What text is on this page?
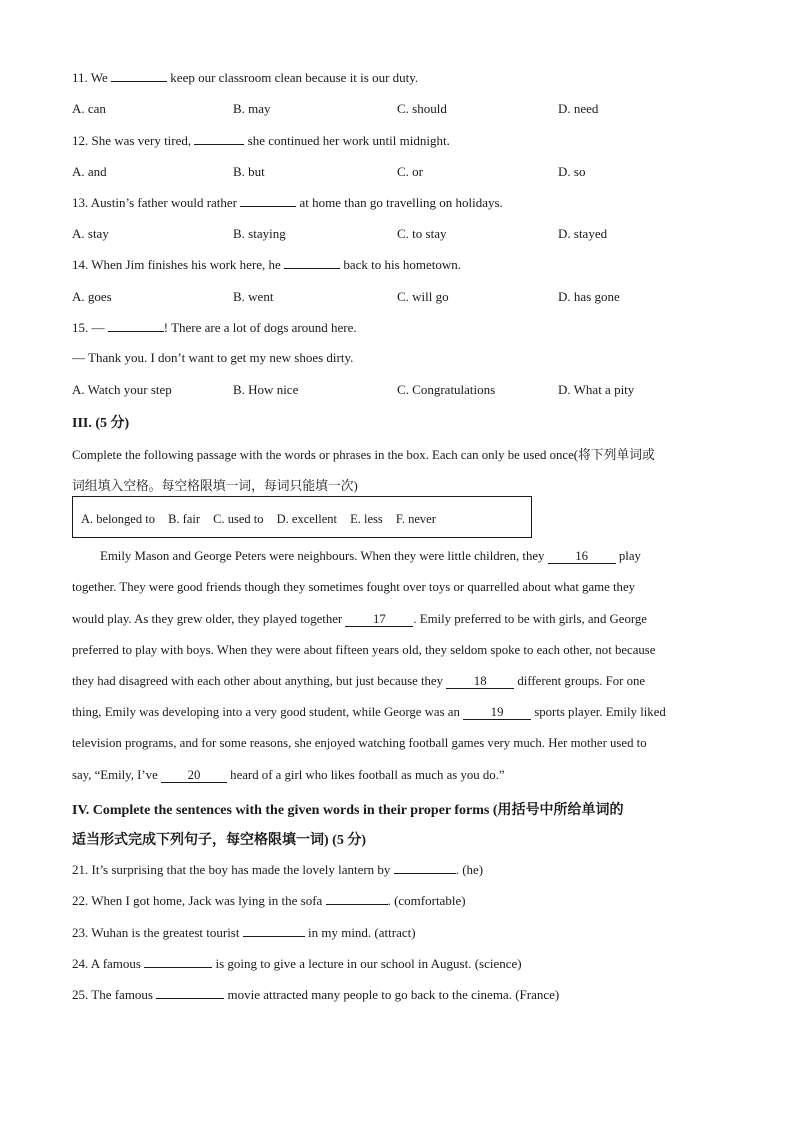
11. We	keep our classroom clean because it is our duty.
A. can	B. may	C. should	D. need
12. She was very tired,	she continued her work until midnight.
A. and	B. but	C. or	D. so
13. Austin’s father would rather	at home than go travelling on holidays.
A. stay	B. staying	C. to stay	D. stayed
14. When Jim finishes his work here, he	back to his hometown.
A. goes	B. went	C. will go	D. has gone
15. —	! There are a lot of dogs around here.
— Thank you. I don’t want to get my new shoes dirty.
A. Watch your step	B. How nice	C. Congratulations	D. What a pity
III. (5 分)
Complete the following passage with the words or phrases in the box. Each can only be used once(将下列单词或
词组填入空格。每空格限填一词，每词只能填一次)
A. belonged to B. fair C. used to D. excellent E. less F. never
Emily Mason and George Peters were neighbours. When they were little children, they 16 play
together. They were good friends though they sometimes fought over toys or quarrelled about what game they
would play. As they grew older, they played together 17 . Emily preferred to be with girls, and George
preferred to play with boys. When they were about fifteen years old, they seldom spoke to each other, not because
they had disagreed with each other about anything, but just because they 18 different groups. For one
thing, Emily was developing into a very good student, while George was an 19 sports player. Emily liked
television programs, and for some reasons, she enjoyed watching football games very much. Her mother used to
say, “Emily, I’ve 20 heard of a girl who likes football as much as you do.”
IV. Complete the sentences with the given words in their proper forms (用括号中所给单词的
适当形式完成下列句子，每空格限填一词) (5 分)
21. It’s surprising that the boy has made the lovely lantern by	. (he)
22. When I got home, Jack was lying in the sofa	. (comfortable)
23. Wuhan is the greatest tourist	in my mind. (attract)
24. A famous	is going to give a lecture in our school in August. (science)
25. The famous	movie attracted many people to go back to the cinema. (France)
